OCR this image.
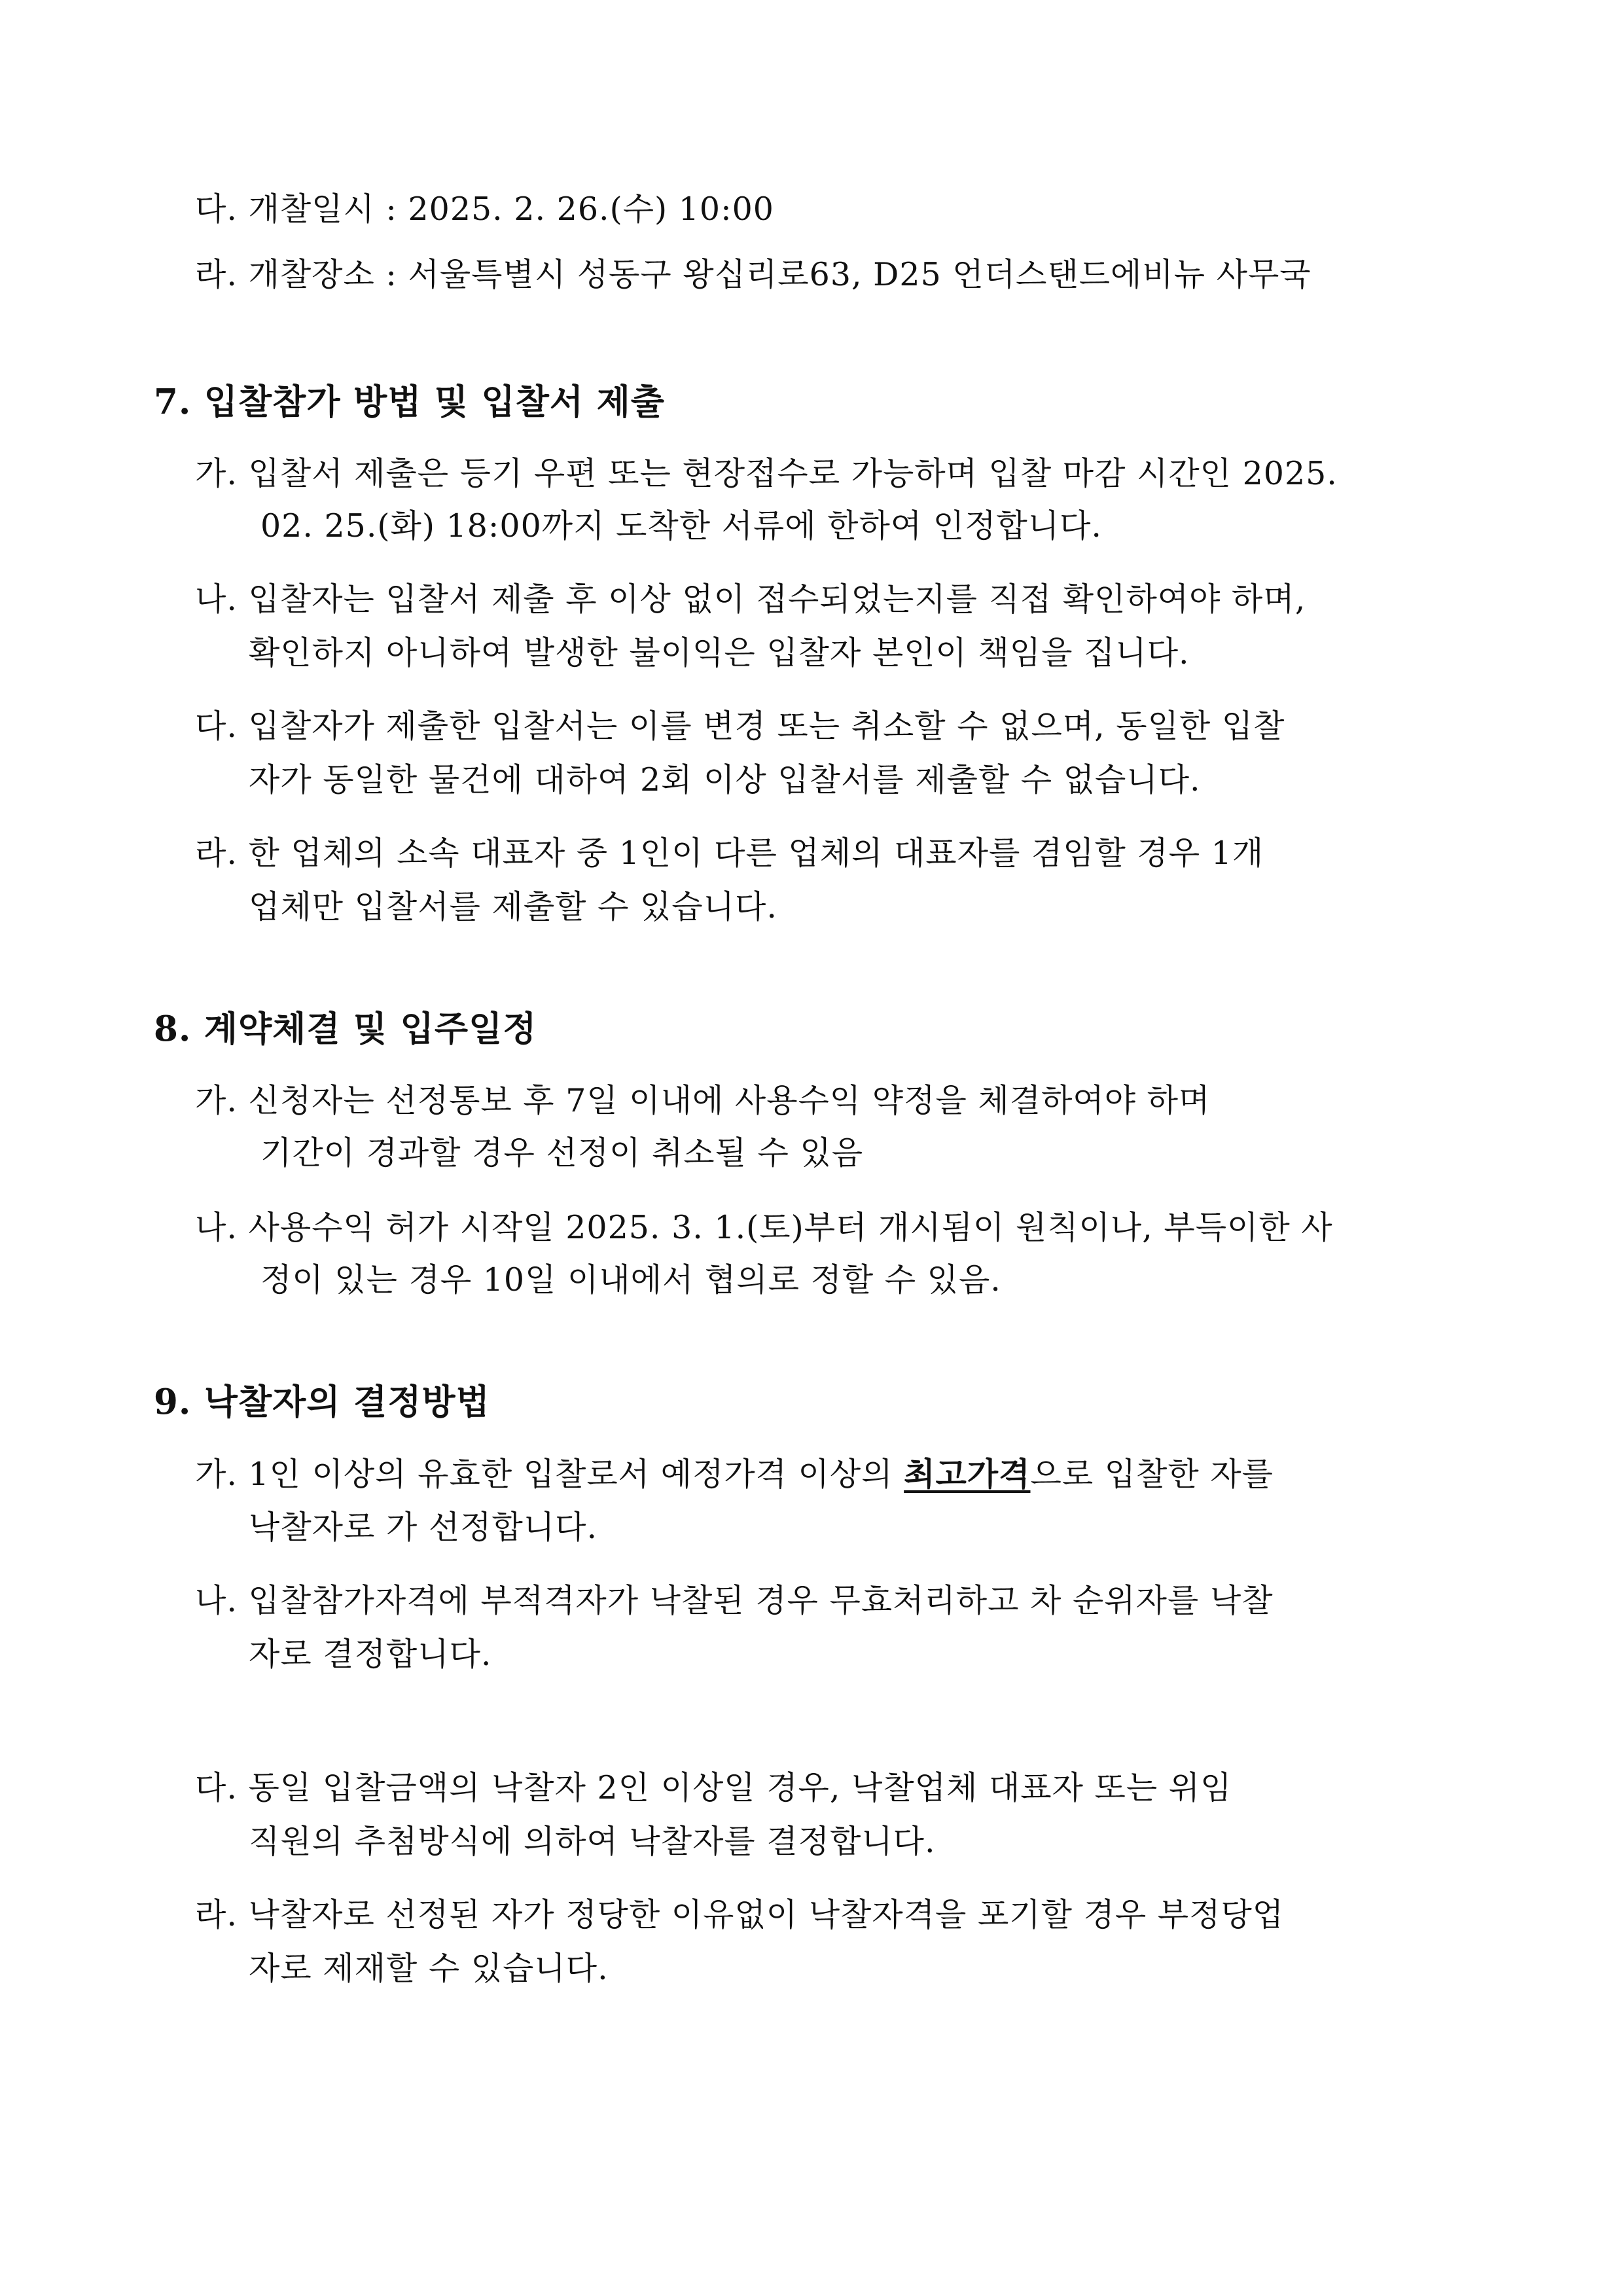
다. 개찰일시 : 2025. 2. 26.(수) 10:00
라. 개찰장소 : 서울특별시 성동구 왕십리로63, D25 언더스탠드에비뉴 사무국
7. 입찰참가 방법 및 입찰서 제출
가. 입찰서 제출은 등기 우편 또는 현장접수로 가능하며 입찰 마감 시간인 2025.
02. 25.(화) 18:00까지 도착한 서류에 한하여 인정합니다.
나. 입찰자는 입찰서 제출 후 이상 없이 접수되었는지를 직접 확인하여야 하며,
확인하지 아니하여 발생한 불이익은 입찰자 본인이 책임을 집니다.
다. 입찰자가 제출한 입찰서는 이를 변경 또는 취소할 수 없으며, 동일한 입찰
자가 동일한 물건에 대하여 2회 이상 입찰서를 제출할 수 없습니다.
라. 한 업체의 소속 대표자 중 1인이 다른 업체의 대표자를 겸임할 경우 1개
업체만 입찰서를 제출할 수 있습니다.
8. 계약체결 및 입주일정
가. 신청자는 선정통보 후 7일 이내에 사용수익 약정을 체결하여야 하며
기간이 경과할 경우 선정이 취소될 수 있음
나. 사용수익 허가 시작일 2025. 3. 1.(토)부터 개시됨이 원칙이나, 부득이한 사
정이 있는 경우 10일 이내에서 협의로 정할 수 있음.
9. 낙찰자의 결정방법
가. 1인 이상의 유효한 입찰로서 예정가격 이상의 최고가격으로 입찰한 자를
낙찰자로 가 선정합니다.
나. 입찰참가자격에 부적격자가 낙찰된 경우 무효처리하고 차 순위자를 낙찰
자로 결정합니다.
다. 동일 입찰금액의 낙찰자 2인 이상일 경우, 낙찰업체 대표자 또는 위임
직원의 추첨방식에 의하여 낙찰자를 결정합니다.
라. 낙찰자로 선정된 자가 정당한 이유없이 낙찰자격을 포기할 경우 부정당업
자로 제재할 수 있습니다.
